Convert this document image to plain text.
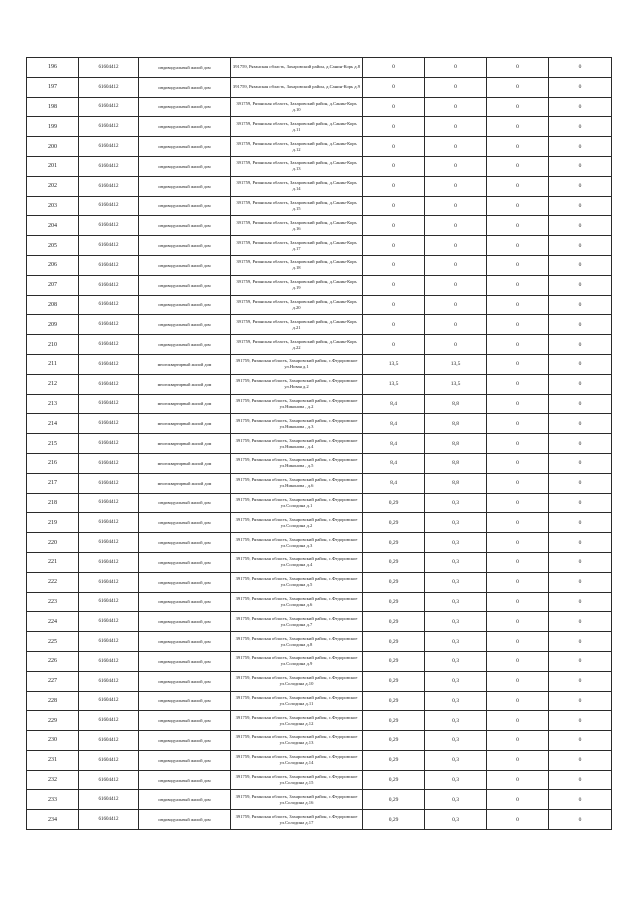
196	61604412	индивидуальный жилой дом	391759, Рязанская область, Захаровский район, д.Санин-Корь д.8	0	0	0	0
197	61604412	индивидуальный жилой дом	391759, Рязанская область, Захаровский район, д.Санин-Корь д.9	0	0	0	0
198	61604412	индивидуальный жилой дом	391759, Рязанская область, Захаровский район, д.Санин-Корь д.10	0	0	0	0
199	61604412	индивидуальный жилой дом	391759, Рязанская область, Захаровский район, д.Санин-Корь д.11	0	0	0	0
200	61604412	индивидуальный жилой дом	391759, Рязанская область, Захаровский район, д.Санин-Корь д.12	0	0	0	0
201	61604412	индивидуальный жилой дом	391759, Рязанская область, Захаровский район, д.Санин-Корь д.13	0	0	0	0
202	61604412	индивидуальный жилой дом	391759, Рязанская область, Захаровский район, д.Санин-Корь д.14	0	0	0	0
203	61604412	индивидуальный жилой дом	391759, Рязанская область, Захаровский район, д.Санин-Корь д.15	0	0	0	0
204	61604412	индивидуальный жилой дом	391759, Рязанская область, Захаровский район, д.Санин-Корь д.16	0	0	0	0
205	61604412	индивидуальный жилой дом	391759, Рязанская область, Захаровский район, д.Санин-Корь д.17	0	0	0	0
206	61604412	индивидуальный жилой дом	391759, Рязанская область, Захаровский район, д.Санин-Корь д.18	0	0	0	0
207	61604412	индивидуальный жилой дом	391759, Рязанская область, Захаровский район, д.Санин-Корь д.19	0	0	0	0
208	61604412	индивидуальный жилой дом	391759, Рязанская область, Захаровский район, д.Санин-Корь д.20	0	0	0	0
209	61604412	индивидуальный жилой дом	391759, Рязанская область, Захаровский район, д.Санин-Корь д.21	0	0	0	0
210	61604412	индивидуальный жилой дом	391759, Рязанская область, Захаровский район, д.Санин-Корь д.22	0	0	0	0
211	61604412	многоквартирный жилой дом	391759, Рязанская область, Захаровский район, с.Федоровское ул.Новая д.1	13,5	13,5	0	0
212	61604412	многоквартирный жилой дом	391759, Рязанская область, Захаровский район, с.Федоровское ул.Новая д.2	13,5	13,5	0	0
213	61604412	многоквартирный жилой дом	391759, Рязанская область, Захаровский район, с.Федоровское ул.Никонова , д.2	8,4	8,8	0	0
214	61604412	многоквартирный жилой дом	391759, Рязанская область, Захаровский район, с.Федоровское ул.Никонова , д.3	8,4	8,8	0	0
215	61604412	многоквартирный жилой дом	391759, Рязанская область, Захаровский район, с.Федоровское ул.Никонова , д.4	8,4	8,8	0	0
216	61604412	многоквартирный жилой дом	391759, Рязанская область, Захаровский район, с.Федоровское ул.Никонова , д.5	8,4	8,8	0	0
217	61604412	многоквартирный жилой дом	391759, Рязанская область, Захаровский район, с.Федоровское ул.Никонова , д.6	8,4	8,8	0	0
218	61604412	индивидуальный жилой дом	391759, Рязанская область, Захаровский район, с.Федоровское ул.Солодина д.1	0,29	0,3	0	0
219	61604412	индивидуальный жилой дом	391759, Рязанская область, Захаровский район, с.Федоровское ул.Солодина д.2	0,29	0,3	0	0
220	61604412	индивидуальный жилой дом	391759, Рязанская область, Захаровский район, с.Федоровское ул.Солодина д.3	0,29	0,3	0	0
221	61604412	индивидуальный жилой дом	391759, Рязанская область, Захаровский район, с.Федоровское ул.Солодина д.4	0,29	0,3	0	0
222	61604412	индивидуальный жилой дом	391759, Рязанская область, Захаровский район, с.Федоровское ул.Солодина д.5	0,29	0,3	0	0
223	61604412	индивидуальный жилой дом	391759, Рязанская область, Захаровский район, с.Федоровское ул.Солодина д.6	0,29	0,3	0	0
224	61604412	индивидуальный жилой дом	391759, Рязанская область, Захаровский район, с.Федоровское ул.Солодина д.7	0,29	0,3	0	0
225	61604412	индивидуальный жилой дом	391759, Рязанская область, Захаровский район, с.Федоровское ул.Солодина д.8	0,29	0,3	0	0
226	61604412	индивидуальный жилой дом	391759, Рязанская область, Захаровский район, с.Федоровское ул.Солодина д.9	0,29	0,3	0	0
227	61604412	индивидуальный жилой дом	391759, Рязанская область, Захаровский район, с.Федоровское ул.Солодина д.10	0,29	0,3	0	0
228	61604412	индивидуальный жилой дом	391759, Рязанская область, Захаровский район, с.Федоровское ул.Солодина д.11	0,29	0,3	0	0
229	61604412	индивидуальный жилой дом	391759, Рязанская область, Захаровский район, с.Федоровское ул.Солодина д.12	0,29	0,3	0	0
230	61604412	индивидуальный жилой дом	391759, Рязанская область, Захаровский район, с.Федоровское ул.Солодина д.13	0,29	0,3	0	0
231	61604412	индивидуальный жилой дом	391759, Рязанская область, Захаровский район, с.Федоровское ул.Солодина д.14	0,29	0,3	0	0
232	61604412	индивидуальный жилой дом	391759, Рязанская область, Захаровский район, с.Федоровское ул.Солодина д.15	0,29	0,3	0	0
233	61604412	индивидуальный жилой дом	391759, Рязанская область, Захаровский район, с.Федоровское ул.Солодина д.16	0,29	0,3	0	0
234	61604412	индивидуальный жилой дом	391759, Рязанская область, Захаровский район, с.Федоровское ул.Солодина д.17	0,29	0,3	0	0
